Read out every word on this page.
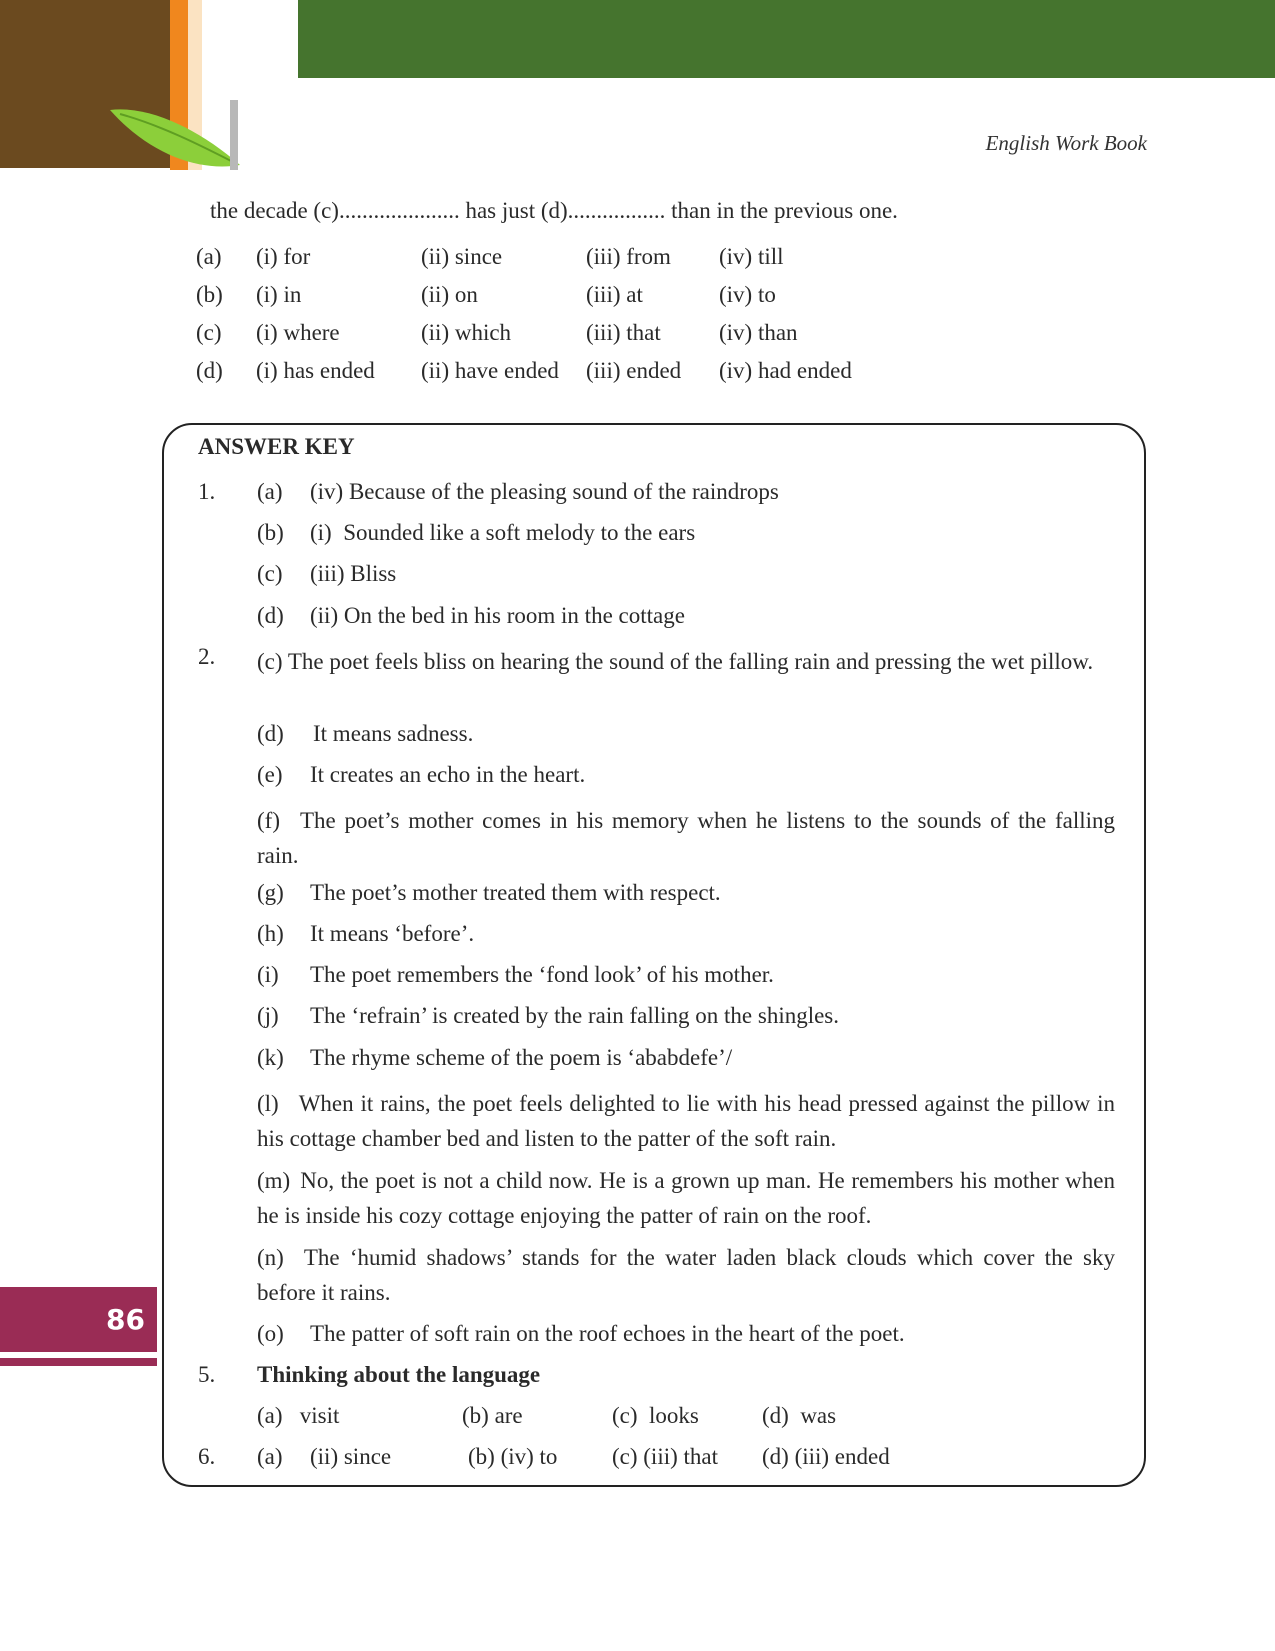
English Work Book
the decade (c)..................... has just (d)................. than in the previous one.
(a)	(i) for	(ii) since	(iii) from	(iv) till
(b)	(i) in	(ii) on	(iii) at	(iv) to
(c)	(i) where	(ii) which	(iii) that	(iv) than
(d)	(i) has ended	(ii) have ended	(iii) ended	(iv) had ended
ANSWER KEY
1. (a) (iv) Because of the pleasing sound of the raindrops
(b) (i)  Sounded like a soft melody to the ears
(c) (iii) Bliss
(d) (ii) On the bed in his room in the cottage
2. (c) The poet feels bliss on hearing the sound of the falling rain and pressing the wet pillow.
(d) It means sadness.
(e) It creates an echo in the heart.
(f) The poet’s mother comes in his memory when he listens to the sounds of the falling rain.
(g) The poet’s mother treated them with respect.
(h) It means ‘before’.
(i) The poet remembers the ‘fond look’ of his mother.
(j) The ‘refrain’ is created by the rain falling on the shingles.
(k) The rhyme scheme of the poem is ‘ababdefe’/
(l) When it rains, the poet feels delighted to lie with his head pressed against the pillow in his cottage chamber bed and listen to the patter of the soft rain.
(m) No, the poet is not a child now. He is a grown up man. He remembers his mother when he is inside his cozy cottage enjoying the patter of rain on the roof.
(n) The ‘humid shadows’ stands for the water laden black clouds which cover the sky before it rains.
(o) The patter of soft rain on the roof echoes in the heart of the poet.
5. Thinking about the language
(a)   visit	(b) are	(c)  looks	(d)  was
6. (a) (ii) since	(b) (iv) to (c) (iii) that (d) (iii) ended
86
